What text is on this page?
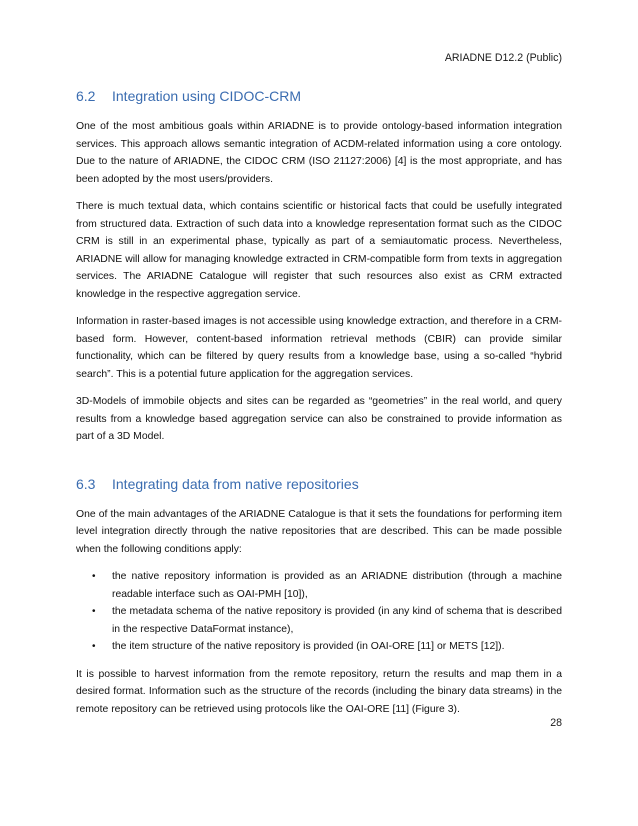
ARIADNE D12.2 (Public)
6.2	Integration using CIDOC-CRM

One of the most ambitious goals within ARIADNE is to provide ontology-based information integration services. This approach allows semantic integration of ACDM-related information using a core ontology. Due to the nature of ARIADNE, the CIDOC CRM (ISO 21127:2006) [4] is the most appropriate, and has been adopted by the most users/providers.

There is much textual data, which contains scientific or historical facts that could be usefully integrated from structured data. Extraction of such data into a knowledge representation format such as the CIDOC CRM is still in an experimental phase, typically as part of a semiautomatic process. Nevertheless, ARIADNE will allow for managing knowledge extracted in CRM-compatible form from texts in aggregation services. The ARIADNE Catalogue will register that such resources also exist as CRM extracted knowledge in the respective aggregation service.

Information in raster-based images is not accessible using knowledge extraction, and therefore in a CRM-based form. However, content-based information retrieval methods (CBIR) can provide similar functionality, which can be filtered by query results from a knowledge base, using a so-called “hybrid search”. This is a potential future application for the aggregation services.

3D-Models of immobile objects and sites can be regarded as “geometries” in the real world, and query results from a knowledge based aggregation service can also be constrained to provide information as part of a 3D Model.

6.3	Integrating data from native repositories

One of the main advantages of the ARIADNE Catalogue is that it sets the foundations for performing item level integration directly through the native repositories that are described. This can be made possible when the following conditions apply:

• the native repository information is provided as an ARIADNE distribution (through a machine readable interface such as OAI-PMH [10]),
• the metadata schema of the native repository is provided (in any kind of schema that is described in the respective DataFormat instance),
• the item structure of the native repository is provided (in OAI-ORE [11] or METS [12]).

It is possible to harvest information from the remote repository, return the results and map them in a desired format. Information such as the structure of the records (including the binary data streams) in the remote repository can be retrieved using protocols like the OAI-ORE [11] (Figure 3).

28
